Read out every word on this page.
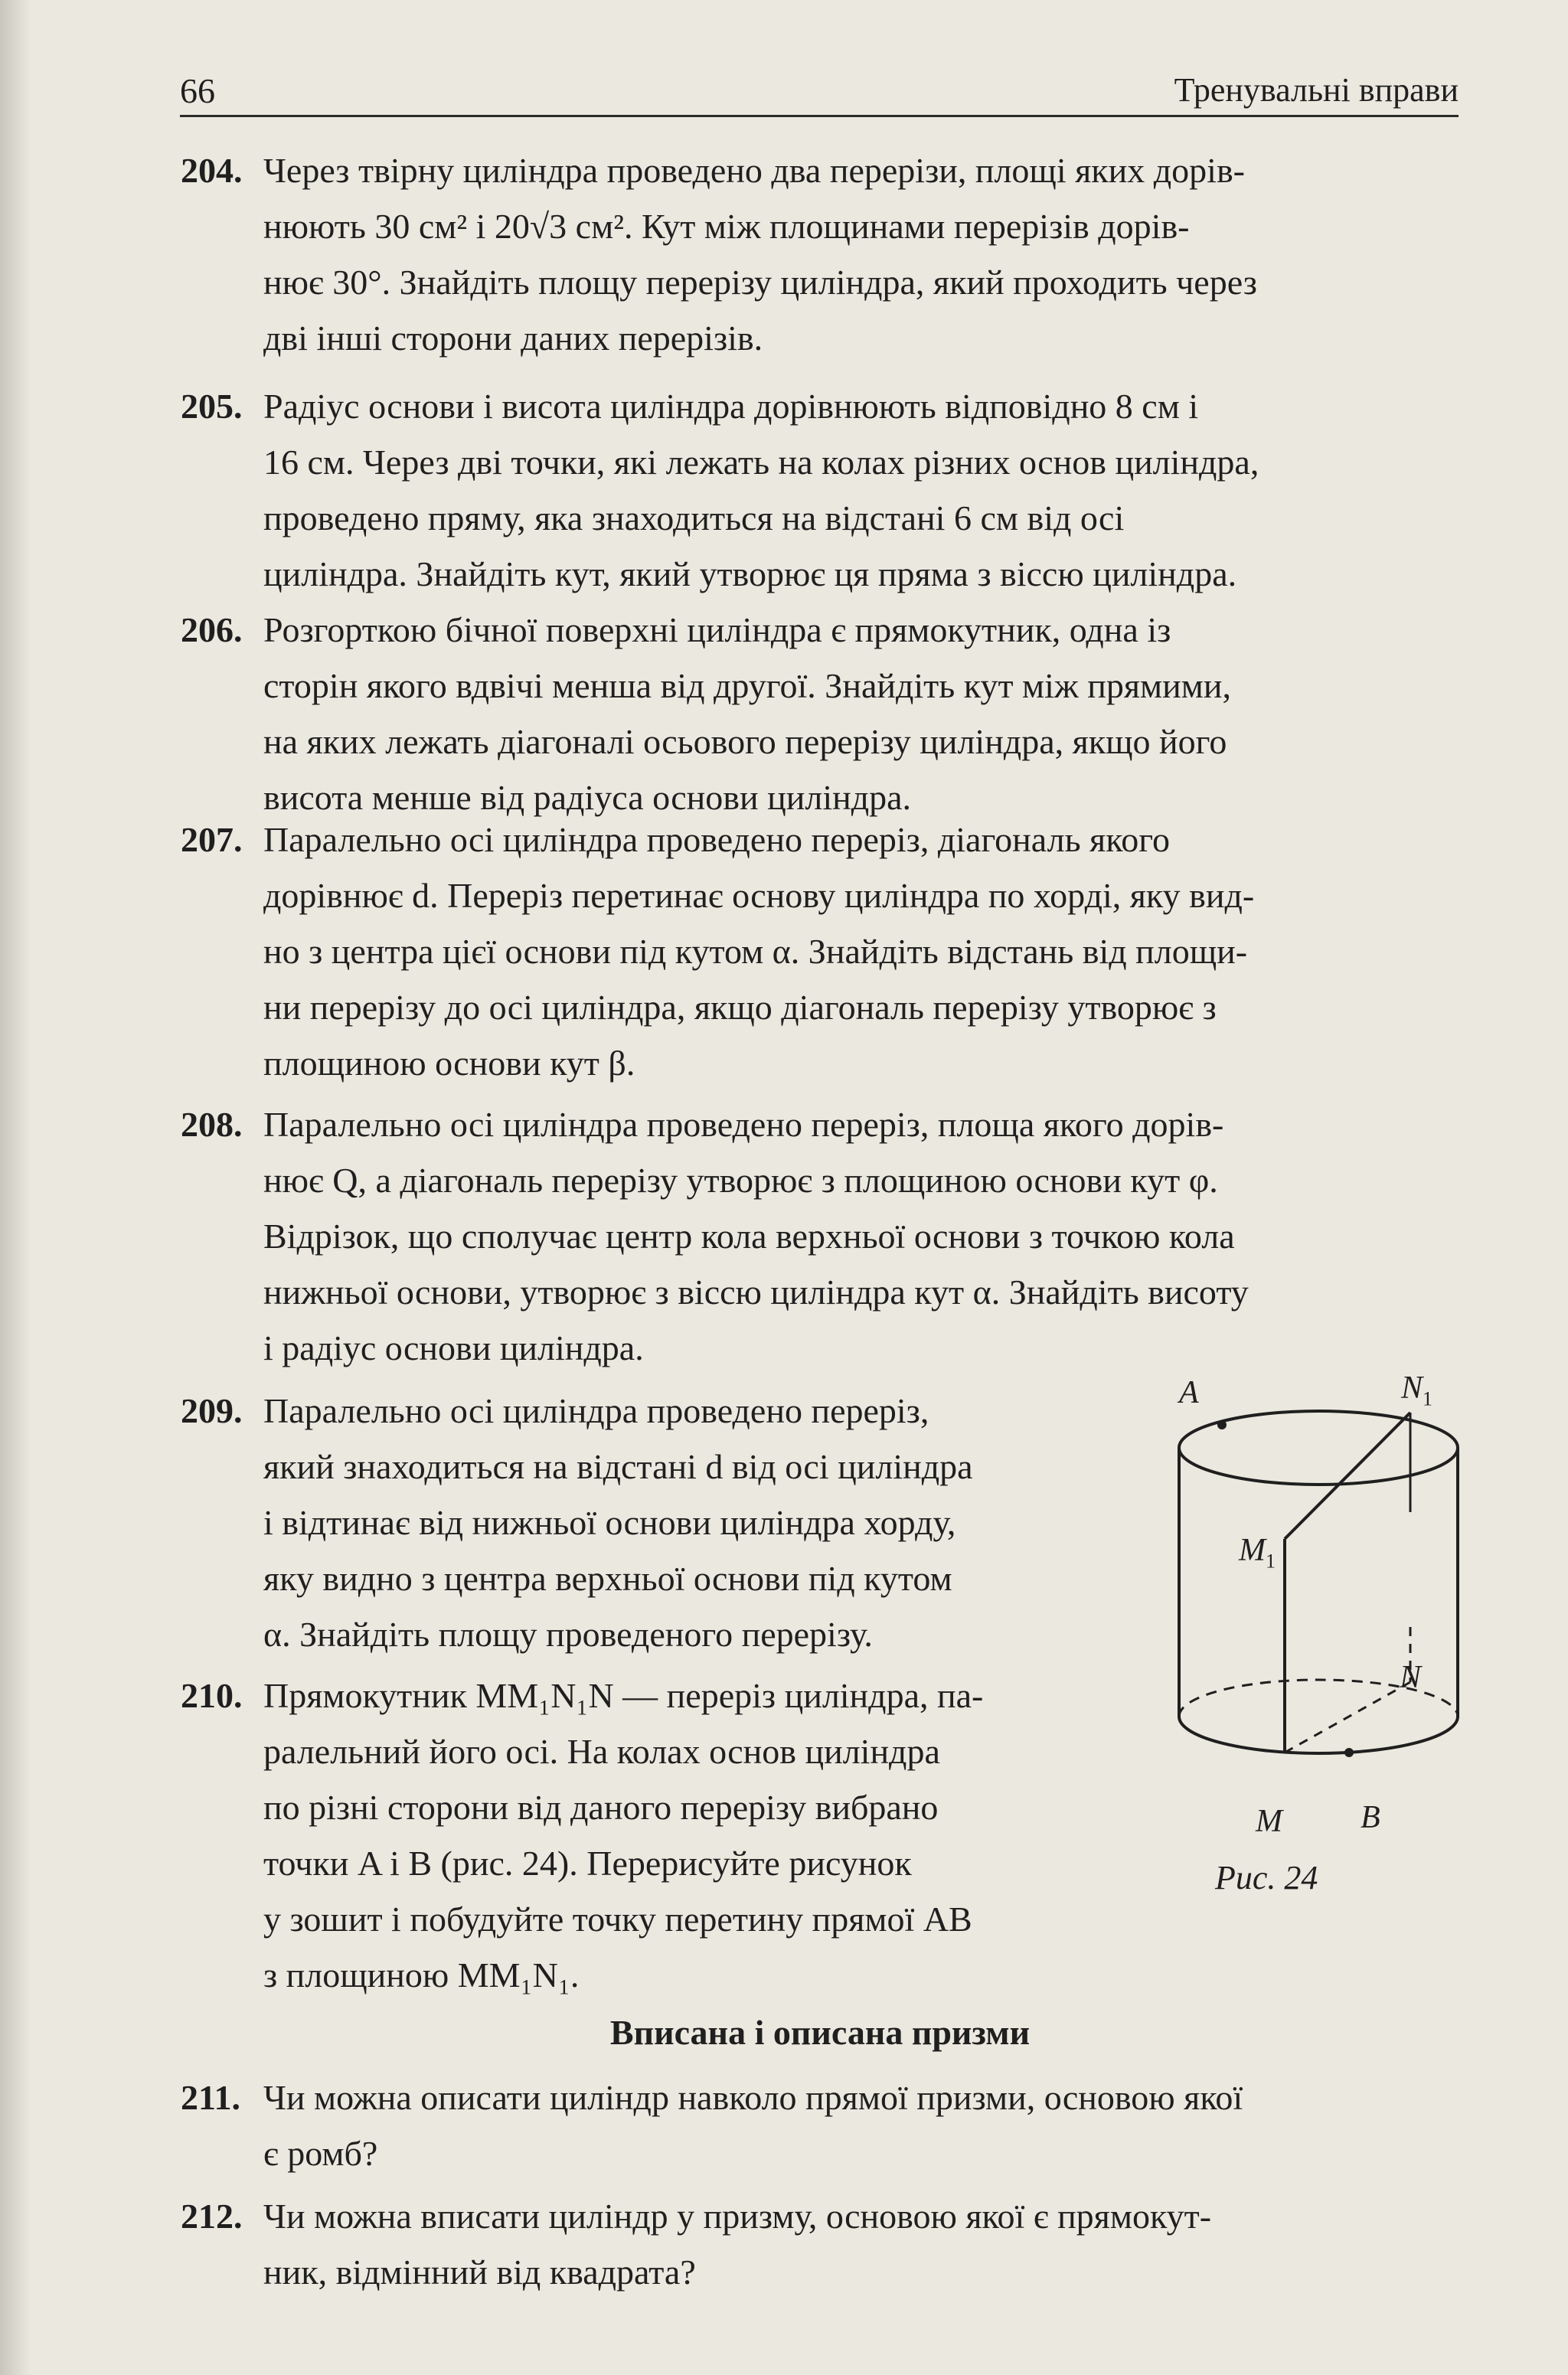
66	Тренувальні вправи
204. Через твірну циліндра проведено два перерізи, площі яких дорів-

нюють 30 см² і 20√3 см². Кут між площинами перерізів дорів-

нює 30°. Знайдіть площу перерізу циліндра, який проходить через

дві інші сторони даних перерізів.

205. Радіус основи і висота циліндра дорівнюють відповідно 8 см і

16 см. Через дві точки, які лежать на колах різних основ циліндра,

проведено пряму, яка знаходиться на відстані 6 см від осі

циліндра. Знайдіть кут, який утворює ця пряма з віссю циліндра.

206. Розгорткою бічної поверхні циліндра є прямокутник, одна із

сторін якого вдвічі менша від другої. Знайдіть кут між прямими,

на яких лежать діагоналі осьового перерізу циліндра, якщо його

висота менше від радіуса основи циліндра.

207. Паралельно осі циліндра проведено переріз, діагональ якого

дорівнює d. Переріз перетинає основу циліндра по хорді, яку вид-

но з центра цієї основи під кутом α. Знайдіть відстань від площи-

ни перерізу до осі циліндра, якщо діагональ перерізу утворює з

площиною основи кут β.

208. Паралельно осі циліндра проведено переріз, площа якого дорів-

нює Q, а діагональ перерізу утворює з площиною основи кут φ.

Відрізок, що сполучає центр кола верхньої основи з точкою кола

нижньої основи, утворює з віссю циліндра кут α. Знайдіть висоту

і радіус основи циліндра.

209. Паралельно осі циліндра проведено переріз,

який знаходиться на відстані d від осі циліндра

і відтинає від нижньої основи циліндра хорду,

яку видно з центра верхньої основи під кутом

α. Знайдіть площу проведеного перерізу.

210. Прямокутник MM₁N₁N — переріз циліндра, па-

ралельний його осі. На колах основ циліндра

по різні сторони від даного перерізу вибрано

точки A і B (рис. 24). Перерисуйте рисунок

у зошит і побудуйте точку перетину прямої AB

з площиною MM₁N₁.

Вписана і описана призми
211. Чи можна описати циліндр навколо прямої призми, основою якої

є ромб?

212. Чи можна вписати циліндр у призму, основою якої є прямокут-

ник, відмінний від квадрата?

A	$N_1$
$M_1$
N
M B
Рис. 24
